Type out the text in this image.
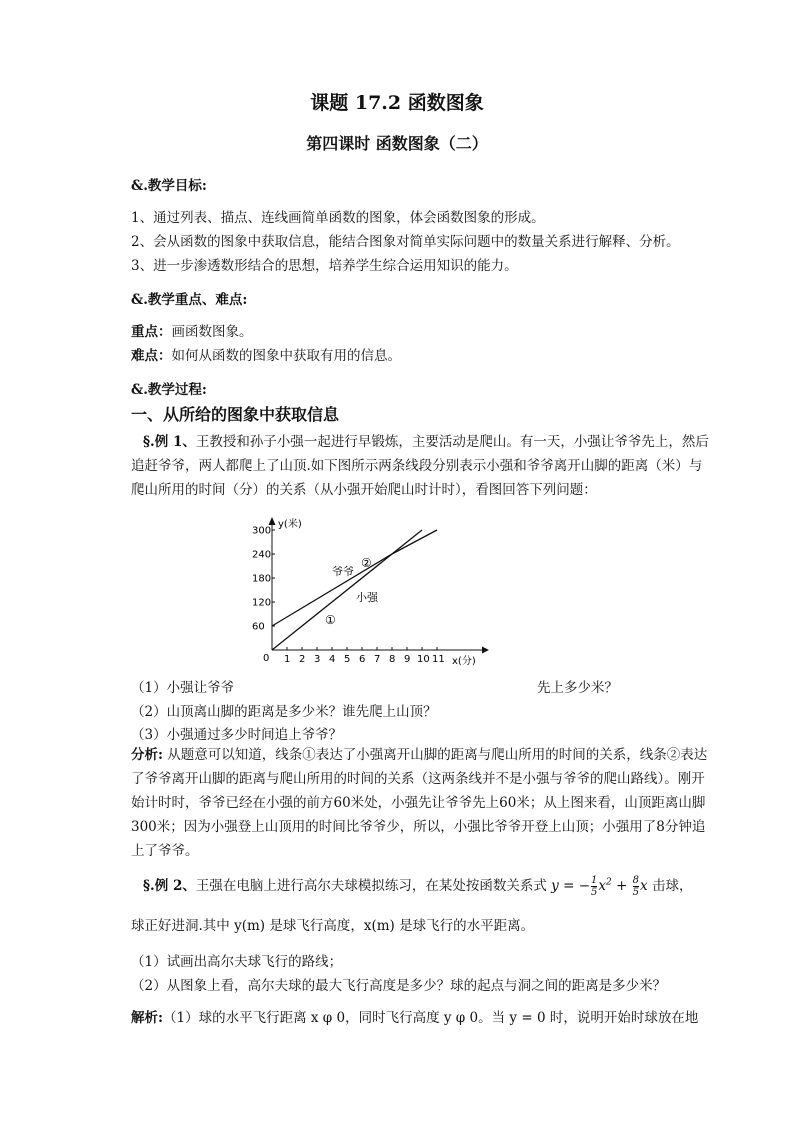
课题 17.2 函数图象
第四课时 函数图象（二）
&.教学目标:
1、通过列表、描点、连线画简单函数的图象，体会函数图象的形成。
2、会从函数的图象中获取信息，能结合图象对简单实际问题中的数量关系进行解释、分析。
3、进一步渗透数形结合的思想，培养学生综合运用知识的能力。
&.教学重点、难点:
重点：画函数图象。
难点：如何从函数的图象中获取有用的信息。
&.教学过程:
一、从所给的图象中获取信息
§.例 1、王教授和孙子小强一起进行早锻炼，主要活动是爬山。有一天，小强让爷爷先上，然后追赶爷爷，两人都爬上了山顶.如下图所示两条线段分别表示小强和爷爷离开山脚的距离（米）与爬山所用的时间（分）的关系（从小强开始爬山时计时），看图回答下列问题：
1 2 3 4 5 6 7 8 9 10 11
60
120
180
240
300
0
y(米)
x(分)
爷爷
②
小强
①
（1）小强让爷爷	先上多少米？
（2）山顶离山脚的距离是多少米？谁先爬上山顶？
（3）小强通过多少时间追上爷爷？
分析: 从题意可以知道，线条①表达了小强离开山脚的距离与爬山所用的时间的关系，线条②表达了爷爷离开山脚的距离与爬山所用的时间的关系（这两条线并不是小强与爷爷的爬山路线）。刚开始计时时，爷爷已经在小强的前方60米处，小强先让爷爷先上60米；从上图来看，山顶距离山脚300米；因为小强登上山顶用的时间比爷爷少，所以，小强比爷爷开登上山顶；小强用了8分钟追上了爷爷。
§.例 2、王强在电脑上进行高尔夫球模拟练习，在某处按函数关系式 y = − $\frac{1}{5} x^2 + \frac{8}{5}$ x 击球，
球正好进洞.其中 y(m) 是球飞行高度，x(m) 是球飞行的水平距离。
（1）试画出高尔夫球飞行的路线；
（2）从图象上看，高尔夫球的最大飞行高度是多少？球的起点与洞之间的距离是多少米？
解析:（1）球的水平飞行距离 x φ 0，同时飞行高度 y φ 0。当 y = 0 时，说明开始时球放在地
